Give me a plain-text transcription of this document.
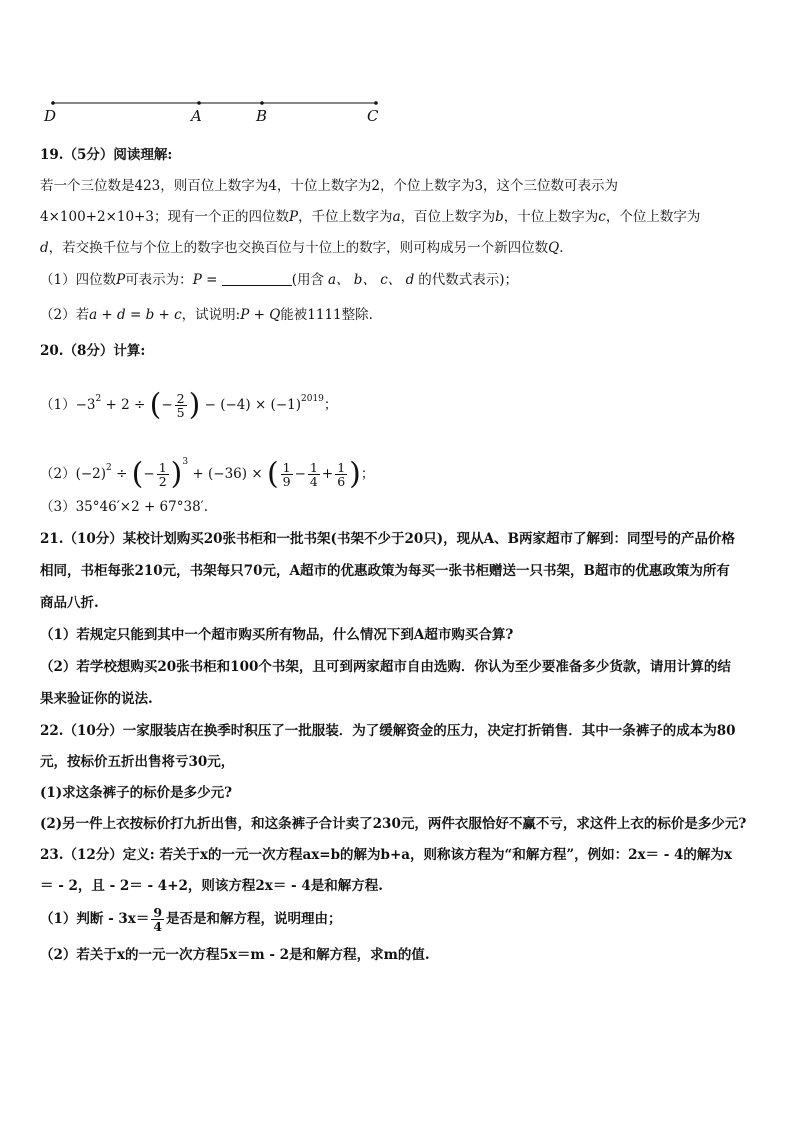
D	A	B	C
19.（5分）阅读理解:
若一个三位数是423，则百位上数字为4，十位上数字为2，个位上数字为3，这个三位数可表示为
4×100+2×10+3；现有一个正的四位数P，千位上数字为a，百位上数字为b，十位上数字为c，个位上数字为
d，若交换千位与个位上的数字也交换百位与十位上的数字，则可构成另一个新四位数Q.
（1）四位数P可表示为：P =	(用含 a、 b、 c、 d 的代数式表示)；
（2）若a + d = b + c，试说明:P + Q能被1111整除.
20.（8分）计算:
$(1)-3^2 + 2$ ÷ (− $\frac{2}{5}$ ) − $(-4) \times (-1)^{2019}$；
$(2)(-2)^2$ ÷ (− $\frac{1}{2} )^3 + (-36)$ × ( $\frac{1}{9} - \frac{1}{4} + \frac{1}{6}$ )；
（3）35°46′×2 + 67°38′.
21.（10分）某校计划购买20张书柜和一批书架(书架不少于20只)，现从A、B两家超市了解到：同型号的产品价格
相同，书柜每张210元，书架每只70元，A超市的优惠政策为每买一张书柜赠送一只书架，B超市的优惠政策为所有
商品八折.
（1）若规定只能到其中一个超市购买所有物品，什么情况下到A超市购买合算?
（2）若学校想购买20张书柜和100个书架，且可到两家超市自由选购．你认为至少要准备多少货款，请用计算的结
果来验证你的说法.
22.（10分）一家服装店在换季时积压了一批服装．为了缓解资金的压力，决定打折销售．其中一条裤子的成本为80
元，按标价五折出售将亏30元，
(1)求这条裤子的标价是多少元?
(2)另一件上衣按标价打九折出售，和这条裤子合计卖了230元，两件衣服恰好不赢不亏，求这件上衣的标价是多少元?
23.（12分）定义: 若关于x的一元一次方程ax=b的解为b+a，则称该方程为“和解方程”，例如：2x＝ - 4的解为x
＝ - 2，且 - 2＝ - 4+2，则该方程2x＝ - 4是和解方程.
（1）判断 - $3x= \frac{9}{4}$ 是否是和解方程，说明理由；
（2）若关于x的一元一次方程5x＝m - 2是和解方程，求m的值.
